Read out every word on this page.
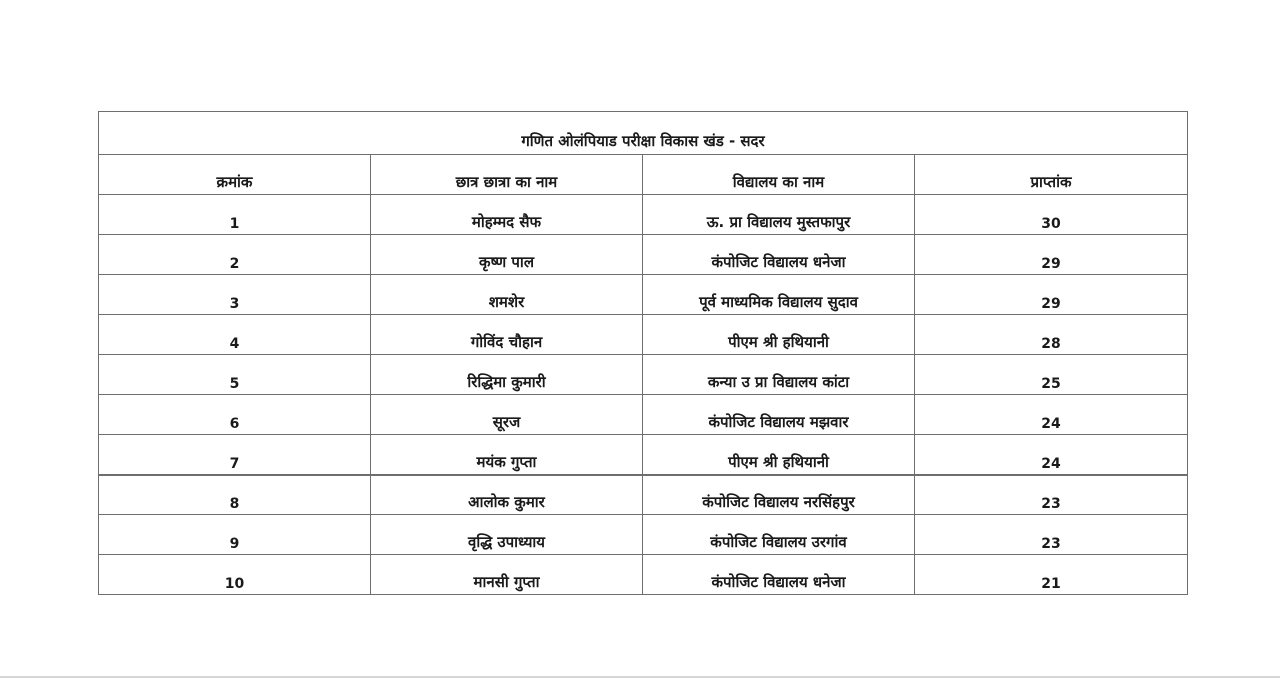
गणित ओलंपियाड परीक्षा विकास खंड - सदर			
क्रमांक	छात्र छात्रा का नाम	विद्यालय का नाम	प्राप्तांक
1	मोहम्मद सैफ	ऊ. प्रा विद्यालय मुस्तफापुर	30
2	कृष्ण पाल	कंपोजिट विद्यालय धनेजा	29
3	शमशेर	पूर्व माध्यमिक विद्यालय सुदाव	29
4	गोविंद चौहान	पीएम श्री हथियानी	28
5	रिद्धिमा कुमारी	कन्या उ प्रा विद्यालय कांटा	25
6	सूरज	कंपोजिट विद्यालय मझवार	24
7	मयंक गुप्ता	पीएम श्री हथियानी	24
8	आलोक कुमार	कंपोजिट विद्यालय नरसिंहपुर	23
9	वृद्धि उपाध्याय	कंपोजिट विद्यालय उरगांव	23
10	मानसी गुप्ता	कंपोजिट विद्यालय धनेजा	21
